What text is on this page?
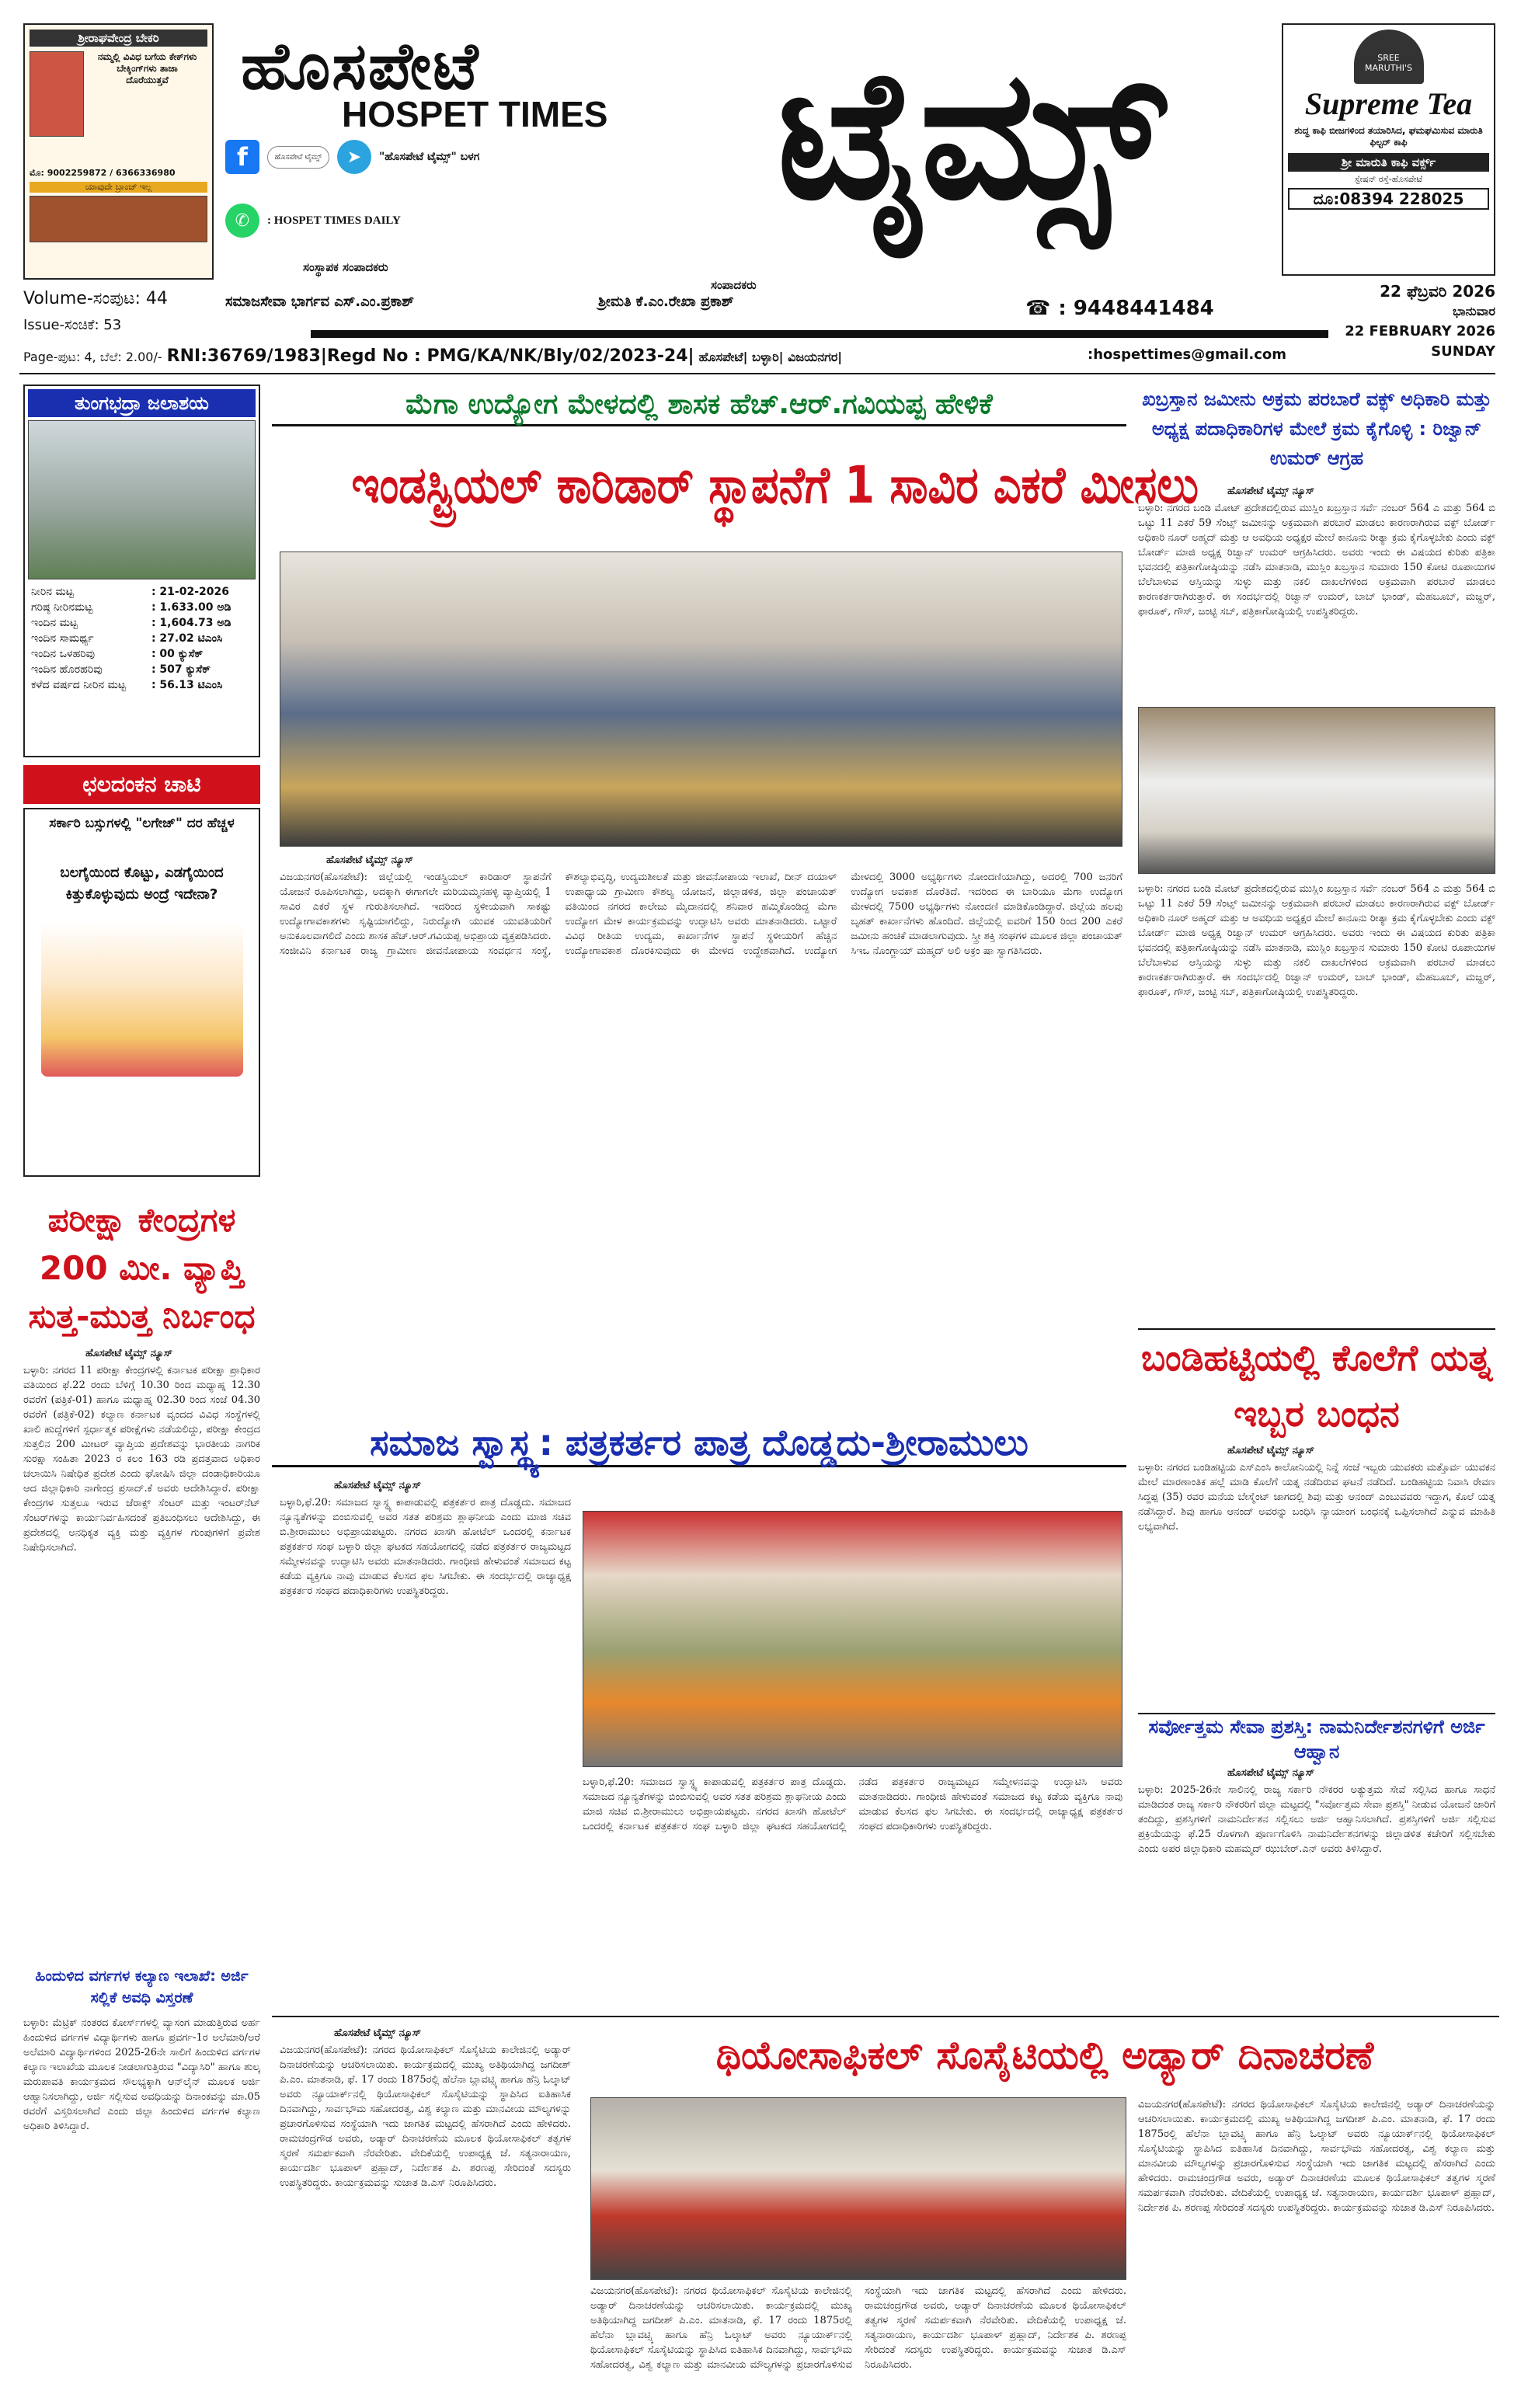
ಶ್ರೀರಾಘವೇಂದ್ರ ಬೇಕರಿ
ನಮ್ಮಲ್ಲಿ ವಿವಿಧ ಬಗೆಯ ಕೇಕ್‌ಗಳು
ಬೇಕ್ಕಿಂಗ್‌ಗಳು ತಾಜಾ
ದೊರೆಯುತ್ತವೆ
ಮೊ: 9002259872 / 6366336980
ಯಾವುದೇ ಬ್ರಾಂಚ್ ಇಲ್ಲ
ಹೊಸಪೇಟೆ
HOSPET TIMES ಟೈಮ್ಸ್
f	ಹೊಸಪೇಟೆ ಟೈಮ್ಸ್	➤	"ಹೊಸಪೇಟೆ ಟೈಮ್ಸ್" ಬಳಗ
✆	: HOSPET TIMES DAILY
ಸಂಸ್ಥಾಪಕ ಸಂಪಾದಕರು
ಸಂಪಾದಕರು
SREE MARUTHI'S
Supreme Tea
ಶುದ್ಧ ಕಾಫಿ ಬೀಜಗಳಿಂದ ತಯಾರಿಸಿದ, ಘಮಘಮಿಸುವ ಮಾರುತಿ ಫಿಲ್ಟರ್ ಕಾಫಿ
ಶ್ರೀ ಮಾರುತಿ ಕಾಫಿ ವರ್ಕ್ಸ್
ಸ್ಟೇಷನ್ ರಸ್ತೆ-ಹೊಸಪೇಟೆ
ದೂ:08394 228025
Volume-ಸಂಪುಟ: 44
Issue-ಸಂಚಿಕೆ: 53
ಸಮಾಜಸೇವಾ ಭಾರ್ಗವ ಎಸ್.ಎಂ.ಪ್ರಕಾಶ್	ಶ್ರೀಮತಿ ಕೆ.ಎಂ.ರೇಖಾ ಪ್ರಕಾಶ್	☎ : 9448441484
Page-ಪುಟ: 4, ಬೆಲೆ: 2.00/- RNI:36769/1983|Regd No : PMG/KA/NK/Bly/02/2023-24| ಹೊಸಪೇಟೆ| ಬಳ್ಳಾರಿ| ವಿಜಯನಗರ|	:hospettimes@gmail.com
22 ಫೆಬ್ರವರಿ 2026
ಭಾನುವಾರ
22 FEBRUARY 2026
SUNDAY
ತುಂಗಭದ್ರಾ ಜಲಾಶಯ
ನೀರಿನ ಮಟ್ಟ	: 21-02-2026
ಗರಿಷ್ಠ ನೀರಿನಮಟ್ಟ	: 1.633.00 ಅಡಿ
ಇಂದಿನ ಮಟ್ಟ	: 1,604.73 ಅಡಿ
ಇಂದಿನ ಸಾಮರ್ಥ್ಯ	: 27.02 ಟಿಎಂಸಿ
ಇಂದಿನ ಒಳಹರಿವು	: 00 ಕ್ಯುಸೆಕ್
ಇಂದಿನ ಹೊರಹರಿವು	: 507 ಕ್ಯುಸೆಕ್
ಕಳೆದ ವರ್ಷದ ನೀರಿನ ಮಟ್ಟ	: 56.13 ಟಿಎಂಸಿ
ಛಲದಂಕನ ಚಾಟಿ
ಸರ್ಕಾರಿ ಬಸ್ಸುಗಳಲ್ಲಿ "ಲಗೇಜ್" ದರ ಹೆಚ್ಚಳ
ಬಲಗೈಯಿಂದ ಕೊಟ್ಟು, ಎಡಗೈಯಿಂದ ಕಿತ್ತುಕೊಳ್ಳುವುದು ಅಂದ್ರೆ ಇದೇನಾ?
ಪರೀಕ್ಷಾ ಕೇಂದ್ರಗಳ 200 ಮೀ. ವ್ಯಾಪ್ತಿ ಸುತ್ತ-ಮುತ್ತ ನಿರ್ಬಂಧ
ಹೊಸಪೇಟೆ ಟೈಮ್ಸ್ ನ್ಯೂಸ್
ಬಳ್ಳಾರಿ: ನಗರದ 11 ಪರೀಕ್ಷಾ ಕೇಂದ್ರಗಳಲ್ಲಿ ಕರ್ನಾಟಕ ಪರೀಕ್ಷಾ ಪ್ರಾಧಿಕಾರ ವತಿಯಿಂದ ಫೆ.22 ರಂದು ಬೆಳಿಗ್ಗೆ 10.30 ರಿಂದ ಮಧ್ಯಾಹ್ನ 12.30 ರವರೆಗೆ (ಪತ್ರಿಕೆ-01) ಹಾಗೂ ಮಧ್ಯಾಹ್ನ 02.30 ರಿಂದ ಸಂಜೆ 04.30 ರವರೆಗೆ (ಪತ್ರಿಕೆ-02) ಕಲ್ಯಾಣ ಕರ್ನಾಟಕ ವೃಂದದ ವಿವಿಧ ಸಂಸ್ಥೆಗಳಲ್ಲಿ ಖಾಲಿ ಹುದ್ದೆಗಳಿಗೆ ಸ್ಪರ್ಧಾತ್ಮಕ ಪರೀಕ್ಷೆಗಳು ನಡೆಯಲಿದ್ದು, ಪರೀಕ್ಷಾ ಕೇಂದ್ರದ ಸುತ್ತಲಿನ 200 ಮೀಟರ್ ವ್ಯಾಪ್ತಿಯ ಪ್ರದೇಶವನ್ನು ಭಾರತೀಯ ನಾಗರಿಕ ಸುರಕ್ಷಾ ಸಂಹಿತಾ 2023 ರ ಕಲಂ 163 ರಡಿ ಪ್ರದತ್ತವಾದ ಅಧಿಕಾರ ಚಲಾಯಿಸಿ ನಿಷೇಧಿತ ಪ್ರದೇಶ ಎಂದು ಘೋಷಿಸಿ ಜಿಲ್ಲಾ ದಂಡಾಧಿಕಾರಿಯೂ ಆದ ಜಿಲ್ಲಾಧಿಕಾರಿ ನಾಗೇಂದ್ರ ಪ್ರಸಾದ್.ಕೆ ಅವರು ಆದೇಶಿಸಿದ್ದಾರೆ. ಪರೀಕ್ಷಾ ಕೇಂದ್ರಗಳ ಸುತ್ತಲೂ ಇರುವ ಜೆರಾಕ್ಸ್ ಸೆಂಟರ್ ಮತ್ತು ಇಂಟರ್‌ನೆಟ್ ಸೆಂಟರ್‌ಗಳನ್ನು ಕಾರ್ಯನಿರ್ವಹಿಸದಂತೆ ಪ್ರತಿಬಂಧಿಸಲು ಆದೇಶಿಸಿದ್ದು, ಈ ಪ್ರದೇಶದಲ್ಲಿ ಅನಧಿಕೃತ ವ್ಯಕ್ತಿ ಮತ್ತು ವ್ಯಕ್ತಿಗಳ ಗುಂಪುಗಳಿಗೆ ಪ್ರವೇಶ ನಿಷೇಧಿಸಲಾಗಿದೆ.
ಹಿಂದುಳಿದ ವರ್ಗಗಳ ಕಲ್ಯಾಣ ಇಲಾಖೆ: ಅರ್ಜಿ ಸಲ್ಲಿಕೆ ಅವಧಿ ವಿಸ್ತರಣೆ
ಬಳ್ಳಾರಿ: ಮೆಟ್ರಿಕ್ ನಂತರದ ಕೋರ್ಸ್‌ಗಳಲ್ಲಿ ವ್ಯಾಸಂಗ ಮಾಡುತ್ತಿರುವ ಅರ್ಹ ಹಿಂದುಳಿದ ವರ್ಗಗಳ ವಿದ್ಯಾರ್ಥಿಗಳು ಹಾಗೂ ಪ್ರವರ್ಗ-1ರ ಅಲೆಮಾರಿ/ಅರೆ ಅಲೆಮಾರಿ ವಿದ್ಯಾರ್ಥಿಗಳಿಂದ 2025-26ನೇ ಸಾಲಿಗೆ ಹಿಂದುಳಿದ ವರ್ಗಗಳ ಕಲ್ಯಾಣ ಇಲಾಖೆಯ ಮೂಲಕ ನೀಡಲಾಗುತ್ತಿರುವ "ವಿದ್ಯಾಸಿರಿ" ಹಾಗೂ ಶುಲ್ಕ ಮರುಪಾವತಿ ಕಾರ್ಯಕ್ರಮದ ಸೌಲಭ್ಯಕ್ಕಾಗಿ ಆನ್‌ಲೈನ್ ಮೂಲಕ ಅರ್ಜಿ ಆಹ್ವಾನಿಸಲಾಗಿದ್ದು, ಅರ್ಜಿ ಸಲ್ಲಿಸುವ ಅವಧಿಯನ್ನು ದಿನಾಂಕವನ್ನು ಮಾ.05 ರವರೆಗೆ ವಿಸ್ತರಿಸಲಾಗಿದೆ ಎಂದು ಜಿಲ್ಲಾ ಹಿಂದುಳಿದ ವರ್ಗಗಳ ಕಲ್ಯಾಣ ಅಧಿಕಾರಿ ತಿಳಿಸಿದ್ದಾರೆ.
ಮೆಗಾ ಉದ್ಯೋಗ ಮೇಳದಲ್ಲಿ ಶಾಸಕ ಹೆಚ್.ಆರ್.ಗವಿಯಪ್ಪ ಹೇಳಿಕೆ
ಇಂಡಸ್ಟ್ರಿಯಲ್ ಕಾರಿಡಾರ್ ಸ್ಥಾಪನೆಗೆ 1 ಸಾವಿರ ಎಕರೆ ಮೀಸಲು
ಹೊಸಪೇಟೆ ಟೈಮ್ಸ್ ನ್ಯೂಸ್
ವಿಜಯನಗರ(ಹೊಸಪೇಟೆ): ಜಿಲ್ಲೆಯಲ್ಲಿ ಇಂಡಸ್ಟ್ರಿಯಲ್ ಕಾರಿಡಾರ್ ಸ್ಥಾಪನೆಗೆ ಯೋಜನೆ ರೂಪಿಸಲಾಗಿದ್ದು, ಅದಕ್ಕಾಗಿ ಈಗಾಗಲೇ ಮರಿಯಮ್ಮನಹಳ್ಳಿ ವ್ಯಾಪ್ತಿಯಲ್ಲಿ 1 ಸಾವಿರ ಎಕರೆ ಸ್ಥಳ ಗುರುತಿಸಲಾಗಿದೆ. ಇದರಿಂದ ಸ್ಥಳೀಯವಾಗಿ ಸಾಕಷ್ಟು ಉದ್ಯೋಗಾವಕಾಶಗಳು ಸೃಷ್ಟಿಯಾಗಲಿದ್ದು, ನಿರುದ್ಯೋಗಿ ಯುವಕ ಯುವತಿಯರಿಗೆ ಅನುಕೂಲವಾಗಲಿದೆ ಎಂದು ಶಾಸಕ ಹೆಚ್.ಆರ್.ಗವಿಯಪ್ಪ ಅಭಿಪ್ರಾಯ ವ್ಯಕ್ತಪಡಿಸಿದರು. ಸಂಜೀವಿನಿ ಕರ್ನಾಟಕ ರಾಜ್ಯ ಗ್ರಾಮೀಣ ಜೀವನೋಪಾಯ ಸಂವರ್ಧನ ಸಂಸ್ಥೆ, ಕೌಶಲ್ಯಾಭಿವೃದ್ಧಿ, ಉದ್ಯಮಶೀಲತೆ ಮತ್ತು ಜೀವನೋಪಾಯ ಇಲಾಖೆ, ದೀನ್ ದಯಾಳ್ ಉಪಾಧ್ಯಾಯ ಗ್ರಾಮೀಣ ಕೌಶಲ್ಯ ಯೋಜನೆ, ಜಿಲ್ಲಾಡಳಿತ, ಜಿಲ್ಲಾ ಪಂಚಾಯತ್ ವತಿಯಿಂದ ನಗರದ ಕಾಲೇಜು ಮೈದಾನದಲ್ಲಿ ಶನಿವಾರ ಹಮ್ಮಿಕೊಂಡಿದ್ದ ಮೆಗಾ ಉದ್ಯೋಗ ಮೇಳ ಕಾರ್ಯಕ್ರಮವನ್ನು ಉದ್ಘಾಟಿಸಿ ಅವರು ಮಾತನಾಡಿದರು. ಒಟ್ಟಾರೆ ವಿವಿಧ ರೀತಿಯ ಉದ್ಯಮ, ಕಾರ್ಖಾನೆಗಳ ಸ್ಥಾಪನೆ ಸ್ಥಳೀಯರಿಗೆ ಹೆಚ್ಚಿನ ಉದ್ಯೋಗಾವಕಾಶ ದೊರಕಿಸುವುದು ಈ ಮೇಳದ ಉದ್ದೇಶವಾಗಿದೆ. ಉದ್ಯೋಗ ಮೇಳದಲ್ಲಿ 3000 ಅಭ್ಯರ್ಥಿಗಳು ನೋಂದಣಿಯಾಗಿದ್ದು, ಅದರಲ್ಲಿ 700 ಜನರಿಗೆ ಉದ್ಯೋಗ ಅವಕಾಶ ದೊರೆತಿದೆ. ಇದರಿಂದ ಈ ಬಾರಿಯೂ ಮೆಗಾ ಉದ್ಯೋಗ ಮೇಳದಲ್ಲಿ 7500 ಅಭ್ಯರ್ಥಿಗಳು ನೋಂದಣಿ ಮಾಡಿಕೊಂಡಿದ್ದಾರೆ. ಜಿಲ್ಲೆಯ ಹಲವು ಬೃಹತ್ ಕಾರ್ಖಾನೆಗಳು ಹೊಂದಿದೆ. ಜಿಲ್ಲೆಯಲ್ಲಿ ಐವರಿಗೆ 150 ರಿಂದ 200 ಎಕರೆ ಜಮೀನು ಹಂಚಿಕೆ ಮಾಡಲಾಗುವುದು. ಸ್ತ್ರೀ ಶಕ್ತಿ ಸಂಘಗಳ ಮೂಲಕ ಜಿಲ್ಲಾ ಪಂಚಾಯತ್ ಸಿಇಒ ನೊಂಗ್ಜಾಯ್ ಮಹ್ಮದ್ ಅಲಿ ಅಕ್ರಂ ಷಾ ಸ್ವಾಗತಿಸಿದರು.
ಸಮಾಜ ಸ್ವಾಸ್ಥ್ಯ: ಪತ್ರಕರ್ತರ ಪಾತ್ರ ದೊಡ್ಡದು-ಶ್ರೀರಾಮುಲು
ಹೊಸಪೇಟೆ ಟೈಮ್ಸ್ ನ್ಯೂಸ್
ಬಳ್ಳಾರಿ,ಫೆ.20: ಸಮಾಜದ ಸ್ವಾಸ್ಥ್ಯ ಕಾಪಾಡುವಲ್ಲಿ ಪತ್ರಕರ್ತರ ಪಾತ್ರ ದೊಡ್ಡದು. ಸಮಾಜದ ನ್ಯೂನ್ಯತೆಗಳನ್ನು ಬಿಂಬಿಸುವಲ್ಲಿ ಅವರ ಸತತ ಪರಿಶ್ರಮ ಶ್ಲಾಘನೀಯ ಎಂದು ಮಾಜಿ ಸಚಿವ ಬಿ.ಶ್ರೀರಾಮುಲು ಅಭಿಪ್ರಾಯಪಟ್ಟರು. ನಗರದ ಖಾಸಗಿ ಹೋಟೆಲ್ ಒಂದರಲ್ಲಿ ಕರ್ನಾಟಕ ಪತ್ರಕರ್ತರ ಸಂಘ ಬಳ್ಳಾರಿ ಜಿಲ್ಲಾ ಘಟಕದ ಸಹಯೋಗದಲ್ಲಿ ನಡೆದ ಪತ್ರಕರ್ತರ ರಾಜ್ಯಮಟ್ಟದ ಸಮ್ಮೇಳನವನ್ನು ಉದ್ಘಾಟಿಸಿ ಅವರು ಮಾತನಾಡಿದರು. ಗಾಂಧೀಜಿ ಹೇಳುವಂತೆ ಸಮಾಜದ ಕಟ್ಟ ಕಡೆಯ ವ್ಯಕ್ತಿಗೂ ನಾವು ಮಾಡುವ ಕೆಲಸದ ಫಲ ಸಿಗಬೇಕು. ಈ ಸಂದರ್ಭದಲ್ಲಿ ರಾಜ್ಯಾಧ್ಯಕ್ಷ ಪತ್ರಕರ್ತರ ಸಂಘದ ಪದಾಧಿಕಾರಿಗಳು ಉಪಸ್ಥಿತರಿದ್ದರು.
ಬಳ್ಳಾರಿ,ಫೆ.20: ಸಮಾಜದ ಸ್ವಾಸ್ಥ್ಯ ಕಾಪಾಡುವಲ್ಲಿ ಪತ್ರಕರ್ತರ ಪಾತ್ರ ದೊಡ್ಡದು. ಸಮಾಜದ ನ್ಯೂನ್ಯತೆಗಳನ್ನು ಬಿಂಬಿಸುವಲ್ಲಿ ಅವರ ಸತತ ಪರಿಶ್ರಮ ಶ್ಲಾಘನೀಯ ಎಂದು ಮಾಜಿ ಸಚಿವ ಬಿ.ಶ್ರೀರಾಮುಲು ಅಭಿಪ್ರಾಯಪಟ್ಟರು. ನಗರದ ಖಾಸಗಿ ಹೋಟೆಲ್ ಒಂದರಲ್ಲಿ ಕರ್ನಾಟಕ ಪತ್ರಕರ್ತರ ಸಂಘ ಬಳ್ಳಾರಿ ಜಿಲ್ಲಾ ಘಟಕದ ಸಹಯೋಗದಲ್ಲಿ ನಡೆದ ಪತ್ರಕರ್ತರ ರಾಜ್ಯಮಟ್ಟದ ಸಮ್ಮೇಳನವನ್ನು ಉದ್ಘಾಟಿಸಿ ಅವರು ಮಾತನಾಡಿದರು. ಗಾಂಧೀಜಿ ಹೇಳುವಂತೆ ಸಮಾಜದ ಕಟ್ಟ ಕಡೆಯ ವ್ಯಕ್ತಿಗೂ ನಾವು ಮಾಡುವ ಕೆಲಸದ ಫಲ ಸಿಗಬೇಕು. ಈ ಸಂದರ್ಭದಲ್ಲಿ ರಾಜ್ಯಾಧ್ಯಕ್ಷ ಪತ್ರಕರ್ತರ ಸಂಘದ ಪದಾಧಿಕಾರಿಗಳು ಉಪಸ್ಥಿತರಿದ್ದರು.
ಹೊಸಪೇಟೆ ಟೈಮ್ಸ್ ನ್ಯೂಸ್
ವಿಜಯನಗರ(ಹೊಸಪೇಟೆ): ನಗರದ ಥಿಯೋಸಾಫಿಕಲ್ ಸೊಸೈಟಿಯ ಕಾಲೇಜಿನಲ್ಲಿ ಅಡ್ಯಾರ್ ದಿನಾಚರಣೆಯನ್ನು ಆಚರಿಸಲಾಯಿತು. ಕಾರ್ಯಕ್ರಮದಲ್ಲಿ ಮುಖ್ಯ ಅತಿಥಿಯಾಗಿದ್ದ ಜಗದೀಶ್ ಪಿ.ಎಂ. ಮಾತನಾಡಿ, ಫೆ. 17 ರಂದು 1875ರಲ್ಲಿ ಹೆಲೆನಾ ಬ್ಲಾವಟ್ಸ್ಕಿ ಹಾಗೂ ಹೆನ್ರಿ ಓಲ್ಕಾಟ್ ಅವರು ನ್ಯೂಯಾರ್ಕ್‌ನಲ್ಲಿ ಥಿಯೋಸಾಫಿಕಲ್ ಸೊಸೈಟಿಯನ್ನು ಸ್ಥಾಪಿಸಿದ ಐತಿಹಾಸಿಕ ದಿನವಾಗಿದ್ದು, ಸಾರ್ವಭೌಮ ಸಹೋದರತ್ವ, ವಿಶ್ವ ಕಲ್ಯಾಣ ಮತ್ತು ಮಾನವೀಯ ಮೌಲ್ಯಗಳನ್ನು ಪ್ರಚಾರಗೊಳಿಸುವ ಸಂಸ್ಥೆಯಾಗಿ ಇದು ಜಾಗತಿಕ ಮಟ್ಟದಲ್ಲಿ ಹೆಸರಾಗಿದೆ ಎಂದು ಹೇಳಿದರು. ರಾಮಚಂದ್ರಗೌಡ ಅವರು, ಅಡ್ಯಾರ್ ದಿನಾಚರಣೆಯ ಮೂಲಕ ಥಿಯೋಸಾಫಿಕಲ್ ತತ್ವಗಳ ಸ್ಮರಣೆ ಸಮರ್ಪಕವಾಗಿ ನೆರವೇರಿತು. ವೇದಿಕೆಯಲ್ಲಿ ಉಪಾಧ್ಯಕ್ಷ ಜೆ. ಸತ್ಯನಾರಾಯಣ, ಕಾರ್ಯದರ್ಶಿ ಭೂಪಾಳ್ ಪ್ರಹ್ಲಾದ್, ನಿರ್ದೇಶಕ ಪಿ. ಶರಣಪ್ಪ ಸೇರಿದಂತೆ ಸದಸ್ಯರು ಉಪಸ್ಥಿತರಿದ್ದರು. ಕಾರ್ಯಕ್ರಮವನ್ನು ಸುಜಾತ ಡಿ.ಎಸ್ ನಿರೂಪಿಸಿದರು.
ಥಿಯೋಸಾಫಿಕಲ್ ಸೊಸೈಟಿಯಲ್ಲಿ ಅಡ್ಯಾರ್ ದಿನಾಚರಣೆ
ವಿಜಯನಗರ(ಹೊಸಪೇಟೆ): ನಗರದ ಥಿಯೋಸಾಫಿಕಲ್ ಸೊಸೈಟಿಯ ಕಾಲೇಜಿನಲ್ಲಿ ಅಡ್ಯಾರ್ ದಿನಾಚರಣೆಯನ್ನು ಆಚರಿಸಲಾಯಿತು. ಕಾರ್ಯಕ್ರಮದಲ್ಲಿ ಮುಖ್ಯ ಅತಿಥಿಯಾಗಿದ್ದ ಜಗದೀಶ್ ಪಿ.ಎಂ. ಮಾತನಾಡಿ, ಫೆ. 17 ರಂದು 1875ರಲ್ಲಿ ಹೆಲೆನಾ ಬ್ಲಾವಟ್ಸ್ಕಿ ಹಾಗೂ ಹೆನ್ರಿ ಓಲ್ಕಾಟ್ ಅವರು ನ್ಯೂಯಾರ್ಕ್‌ನಲ್ಲಿ ಥಿಯೋಸಾಫಿಕಲ್ ಸೊಸೈಟಿಯನ್ನು ಸ್ಥಾಪಿಸಿದ ಐತಿಹಾಸಿಕ ದಿನವಾಗಿದ್ದು, ಸಾರ್ವಭೌಮ ಸಹೋದರತ್ವ, ವಿಶ್ವ ಕಲ್ಯಾಣ ಮತ್ತು ಮಾನವೀಯ ಮೌಲ್ಯಗಳನ್ನು ಪ್ರಚಾರಗೊಳಿಸುವ ಸಂಸ್ಥೆಯಾಗಿ ಇದು ಜಾಗತಿಕ ಮಟ್ಟದಲ್ಲಿ ಹೆಸರಾಗಿದೆ ಎಂದು ಹೇಳಿದರು. ರಾಮಚಂದ್ರಗೌಡ ಅವರು, ಅಡ್ಯಾರ್ ದಿನಾಚರಣೆಯ ಮೂಲಕ ಥಿಯೋಸಾಫಿಕಲ್ ತತ್ವಗಳ ಸ್ಮರಣೆ ಸಮರ್ಪಕವಾಗಿ ನೆರವೇರಿತು. ವೇದಿಕೆಯಲ್ಲಿ ಉಪಾಧ್ಯಕ್ಷ ಜೆ. ಸತ್ಯನಾರಾಯಣ, ಕಾರ್ಯದರ್ಶಿ ಭೂಪಾಳ್ ಪ್ರಹ್ಲಾದ್, ನಿರ್ದೇಶಕ ಪಿ. ಶರಣಪ್ಪ ಸೇರಿದಂತೆ ಸದಸ್ಯರು ಉಪಸ್ಥಿತರಿದ್ದರು. ಕಾರ್ಯಕ್ರಮವನ್ನು ಸುಜಾತ ಡಿ.ಎಸ್ ನಿರೂಪಿಸಿದರು.
ವಿಜಯನಗರ(ಹೊಸಪೇಟೆ): ನಗರದ ಥಿಯೋಸಾಫಿಕಲ್ ಸೊಸೈಟಿಯ ಕಾಲೇಜಿನಲ್ಲಿ ಅಡ್ಯಾರ್ ದಿನಾಚರಣೆಯನ್ನು ಆಚರಿಸಲಾಯಿತು. ಕಾರ್ಯಕ್ರಮದಲ್ಲಿ ಮುಖ್ಯ ಅತಿಥಿಯಾಗಿದ್ದ ಜಗದೀಶ್ ಪಿ.ಎಂ. ಮಾತನಾಡಿ, ಫೆ. 17 ರಂದು 1875ರಲ್ಲಿ ಹೆಲೆನಾ ಬ್ಲಾವಟ್ಸ್ಕಿ ಹಾಗೂ ಹೆನ್ರಿ ಓಲ್ಕಾಟ್ ಅವರು ನ್ಯೂಯಾರ್ಕ್‌ನಲ್ಲಿ ಥಿಯೋಸಾಫಿಕಲ್ ಸೊಸೈಟಿಯನ್ನು ಸ್ಥಾಪಿಸಿದ ಐತಿಹಾಸಿಕ ದಿನವಾಗಿದ್ದು, ಸಾರ್ವಭೌಮ ಸಹೋದರತ್ವ, ವಿಶ್ವ ಕಲ್ಯಾಣ ಮತ್ತು ಮಾನವೀಯ ಮೌಲ್ಯಗಳನ್ನು ಪ್ರಚಾರಗೊಳಿಸುವ ಸಂಸ್ಥೆಯಾಗಿ ಇದು ಜಾಗತಿಕ ಮಟ್ಟದಲ್ಲಿ ಹೆಸರಾಗಿದೆ ಎಂದು ಹೇಳಿದರು. ರಾಮಚಂದ್ರಗೌಡ ಅವರು, ಅಡ್ಯಾರ್ ದಿನಾಚರಣೆಯ ಮೂಲಕ ಥಿಯೋಸಾಫಿಕಲ್ ತತ್ವಗಳ ಸ್ಮರಣೆ ಸಮರ್ಪಕವಾಗಿ ನೆರವೇರಿತು. ವೇದಿಕೆಯಲ್ಲಿ ಉಪಾಧ್ಯಕ್ಷ ಜೆ. ಸತ್ಯನಾರಾಯಣ, ಕಾರ್ಯದರ್ಶಿ ಭೂಪಾಳ್ ಪ್ರಹ್ಲಾದ್, ನಿರ್ದೇಶಕ ಪಿ. ಶರಣಪ್ಪ ಸೇರಿದಂತೆ ಸದಸ್ಯರು ಉಪಸ್ಥಿತರಿದ್ದರು. ಕಾರ್ಯಕ್ರಮವನ್ನು ಸುಜಾತ ಡಿ.ಎಸ್ ನಿರೂಪಿಸಿದರು.
ಖಬ್ರಸ್ತಾನ ಜಮೀನು ಅಕ್ರಮ ಪರಬಾರೆ ವಕ್ಫ್ ಅಧಿಕಾರಿ ಮತ್ತು ಅಧ್ಯಕ್ಷ ಪದಾಧಿಕಾರಿಗಳ ಮೇಲೆ ಕ್ರಮ ಕೈಗೊಳ್ಳಿ : ರಿಜ್ವಾನ್ ಉಮರ್ ಆಗ್ರಹ
ಹೊಸಪೇಟೆ ಟೈಮ್ಸ್ ನ್ಯೂಸ್
ಬಳ್ಳಾರಿ: ನಗರದ ಬಂಡಿ ಮೋಟ್ ಪ್ರದೇಶದಲ್ಲಿರುವ ಮುಸ್ಲಿಂ ಖಬ್ರಸ್ತಾನ ಸರ್ವೆ ನಂಬರ್ 564 ಎ ಮತ್ತು 564 ಬಿ ಒಟ್ಟು 11 ಎಕರೆ 59 ಸೆಂಟ್ಸ್ ಜಮೀನನ್ನು ಅಕ್ರಮವಾಗಿ ಪರಬಾರೆ ಮಾಡಲು ಕಾರಣರಾಗಿರುವ ವಕ್ಫ್ ಬೋರ್ಡ್ ಅಧಿಕಾರಿ ನೂರ್ ಅಹ್ಮದ್ ಮತ್ತು ಆ ಅವಧಿಯ ಅಧ್ಯಕ್ಷರ ಮೇಲೆ ಕಾನೂನು ರೀತ್ಯಾ ಕ್ರಮ ಕೈಗೊಳ್ಳಬೇಕು ಎಂದು ವಕ್ಫ್ ಬೋರ್ಡ್ ಮಾಜಿ ಅಧ್ಯಕ್ಷ ರಿಜ್ವಾನ್ ಉಮರ್ ಆಗ್ರಹಿಸಿದರು. ಅವರು ಇಂದು ಈ ವಿಷಯದ ಕುರಿತು ಪತ್ರಿಕಾ ಭವನದಲ್ಲಿ ಪತ್ರಿಕಾಗೋಷ್ಠಿಯನ್ನು ನಡೆಸಿ ಮಾತನಾಡಿ, ಮುಸ್ಲಿಂ ಖಬ್ರಸ್ತಾನ ಸುಮಾರು 150 ಕೋಟಿ ರೂಪಾಯಿಗಳ ಬೆಲೆಬಾಳುವ ಆಸ್ತಿಯನ್ನು ಸುಳ್ಳು ಮತ್ತು ನಕಲಿ ದಾಖಲೆಗಳಿಂದ ಅಕ್ರಮವಾಗಿ ಪರಬಾರೆ ಮಾಡಲು ಕಾರಣಕರ್ತರಾಗಿರುತ್ತಾರೆ. ಈ ಸಂದರ್ಭದಲ್ಲಿ ರಿಜ್ವಾನ್ ಉಮರ್, ಬಾಬ್ ಭಾಂಡ್, ಮೆಹಬೂಬ್, ಮಜ್ಹರ್, ಫಾರೂಕ್, ಗೌಸ್, ಜಂಟ್ಟಿ ಸಬ್, ಪತ್ರಿಕಾಗೋಷ್ಠಿಯಲ್ಲಿ ಉಪಸ್ಥಿತರಿದ್ದರು.
ಬಳ್ಳಾರಿ: ನಗರದ ಬಂಡಿ ಮೋಟ್ ಪ್ರದೇಶದಲ್ಲಿರುವ ಮುಸ್ಲಿಂ ಖಬ್ರಸ್ತಾನ ಸರ್ವೆ ನಂಬರ್ 564 ಎ ಮತ್ತು 564 ಬಿ ಒಟ್ಟು 11 ಎಕರೆ 59 ಸೆಂಟ್ಸ್ ಜಮೀನನ್ನು ಅಕ್ರಮವಾಗಿ ಪರಬಾರೆ ಮಾಡಲು ಕಾರಣರಾಗಿರುವ ವಕ್ಫ್ ಬೋರ್ಡ್ ಅಧಿಕಾರಿ ನೂರ್ ಅಹ್ಮದ್ ಮತ್ತು ಆ ಅವಧಿಯ ಅಧ್ಯಕ್ಷರ ಮೇಲೆ ಕಾನೂನು ರೀತ್ಯಾ ಕ್ರಮ ಕೈಗೊಳ್ಳಬೇಕು ಎಂದು ವಕ್ಫ್ ಬೋರ್ಡ್ ಮಾಜಿ ಅಧ್ಯಕ್ಷ ರಿಜ್ವಾನ್ ಉಮರ್ ಆಗ್ರಹಿಸಿದರು. ಅವರು ಇಂದು ಈ ವಿಷಯದ ಕುರಿತು ಪತ್ರಿಕಾ ಭವನದಲ್ಲಿ ಪತ್ರಿಕಾಗೋಷ್ಠಿಯನ್ನು ನಡೆಸಿ ಮಾತನಾಡಿ, ಮುಸ್ಲಿಂ ಖಬ್ರಸ್ತಾನ ಸುಮಾರು 150 ಕೋಟಿ ರೂಪಾಯಿಗಳ ಬೆಲೆಬಾಳುವ ಆಸ್ತಿಯನ್ನು ಸುಳ್ಳು ಮತ್ತು ನಕಲಿ ದಾಖಲೆಗಳಿಂದ ಅಕ್ರಮವಾಗಿ ಪರಬಾರೆ ಮಾಡಲು ಕಾರಣಕರ್ತರಾಗಿರುತ್ತಾರೆ. ಈ ಸಂದರ್ಭದಲ್ಲಿ ರಿಜ್ವಾನ್ ಉಮರ್, ಬಾಬ್ ಭಾಂಡ್, ಮೆಹಬೂಬ್, ಮಜ್ಹರ್, ಫಾರೂಕ್, ಗೌಸ್, ಜಂಟ್ಟಿ ಸಬ್, ಪತ್ರಿಕಾಗೋಷ್ಠಿಯಲ್ಲಿ ಉಪಸ್ಥಿತರಿದ್ದರು.
ಬಂಡಿಹಟ್ಟಿಯಲ್ಲಿ ಕೊಲೆಗೆ ಯತ್ನ ಇಬ್ಬರ ಬಂಧನ
ಹೊಸಪೇಟೆ ಟೈಮ್ಸ್ ನ್ಯೂಸ್
ಬಳ್ಳಾರಿ: ನಗರದ ಬಂಡಿಹಟ್ಟಿಯ ಎಸ್‌ಎಂಸಿ ಕಾಲೋನಿಯಲ್ಲಿ ನಿನ್ನೆ ಸಂಜೆ ಇಬ್ಬರು ಯುವಕರು ಮತ್ತೊರ್ವ ಯುವಕನ ಮೇಲೆ ಮಾರಣಾಂತಿಕ ಹಲ್ಲೆ ಮಾಡಿ ಕೊಲೆಗೆ ಯತ್ನ ನಡೆದಿರುವ ಘಟನೆ ನಡೆದಿದೆ. ಬಂಡಿಹಟ್ಟಿಯ ನಿವಾಸಿ ರೇವಣ ಸಿದ್ದಪ್ಪ (35) ರವರ ಮನೆಯ ಬೇಸ್ಮೆಂಟ್ ಜಾಗದಲ್ಲಿ ಶಿವು ಮತ್ತು ಆನಂದ್ ಎಂಬುವವರು ಇದ್ದಾಗ, ಕೊಲೆ ಯತ್ನ ನಡೆಸಿದ್ದಾರೆ. ಶಿವು ಹಾಗೂ ಆನಂದ್ ಅವರನ್ನು ಬಂಧಿಸಿ ನ್ಯಾಯಾಂಗ ಬಂಧನಕ್ಕೆ ಒಪ್ಪಿಸಲಾಗಿದೆ ಎನ್ನುವ ಮಾಹಿತಿ ಲಭ್ಯವಾಗಿದೆ.
ಸರ್ವೋತ್ತಮ ಸೇವಾ ಪ್ರಶಸ್ತಿ: ನಾಮನಿರ್ದೇಶನಗಳಿಗೆ ಅರ್ಜಿ ಆಹ್ವಾನ
ಹೊಸಪೇಟೆ ಟೈಮ್ಸ್ ನ್ಯೂಸ್
ಬಳ್ಳಾರಿ: 2025-26ನೇ ಸಾಲಿನಲ್ಲಿ ರಾಜ್ಯ ಸರ್ಕಾರಿ ನೌಕರರ ಅತ್ಯುತ್ತಮ ಸೇವೆ ಸಲ್ಲಿಸಿದ ಹಾಗೂ ಸಾಧನೆ ಮಾಡಿದಂತ ರಾಜ್ಯ ಸರ್ಕಾರಿ ನೌಕರರಿಗೆ ಜಿಲ್ಲಾ ಮಟ್ಟದಲ್ಲಿ "ಸರ್ವೋತ್ತಮ ಸೇವಾ ಪ್ರಶಸ್ತಿ" ನೀಡುವ ಯೋಜನೆ ಜಾರಿಗೆ ತಂದಿದ್ದು, ಪ್ರಶಸ್ತಿಗಳಿಗೆ ನಾಮನಿರ್ದೇಶನ ಸಲ್ಲಿಸಲು ಅರ್ಜಿ ಆಹ್ವಾನಿಸಲಾಗಿದೆ. ಪ್ರಶಸ್ತಿಗಳಿಗೆ ಅರ್ಜಿ ಸಲ್ಲಿಸುವ ಪ್ರಕ್ರಿಯೆಯನ್ನು ಫೆ.25 ರೊಳಗಾಗಿ ಪೂರ್ಣಗೊಳಿಸಿ ನಾಮನಿರ್ದೇಶನಗಳನ್ನು ಜಿಲ್ಲಾಡಳಿತ ಕಚೇರಿಗೆ ಸಲ್ಲಿಸಬೇಕು ಎಂದು ಅಪರ ಜಿಲ್ಲಾಧಿಕಾರಿ ಮಹಮ್ಮದ್ ಝುಬೇರ್.ಎನ್ ಅವರು ತಿಳಿಸಿದ್ದಾರೆ.
